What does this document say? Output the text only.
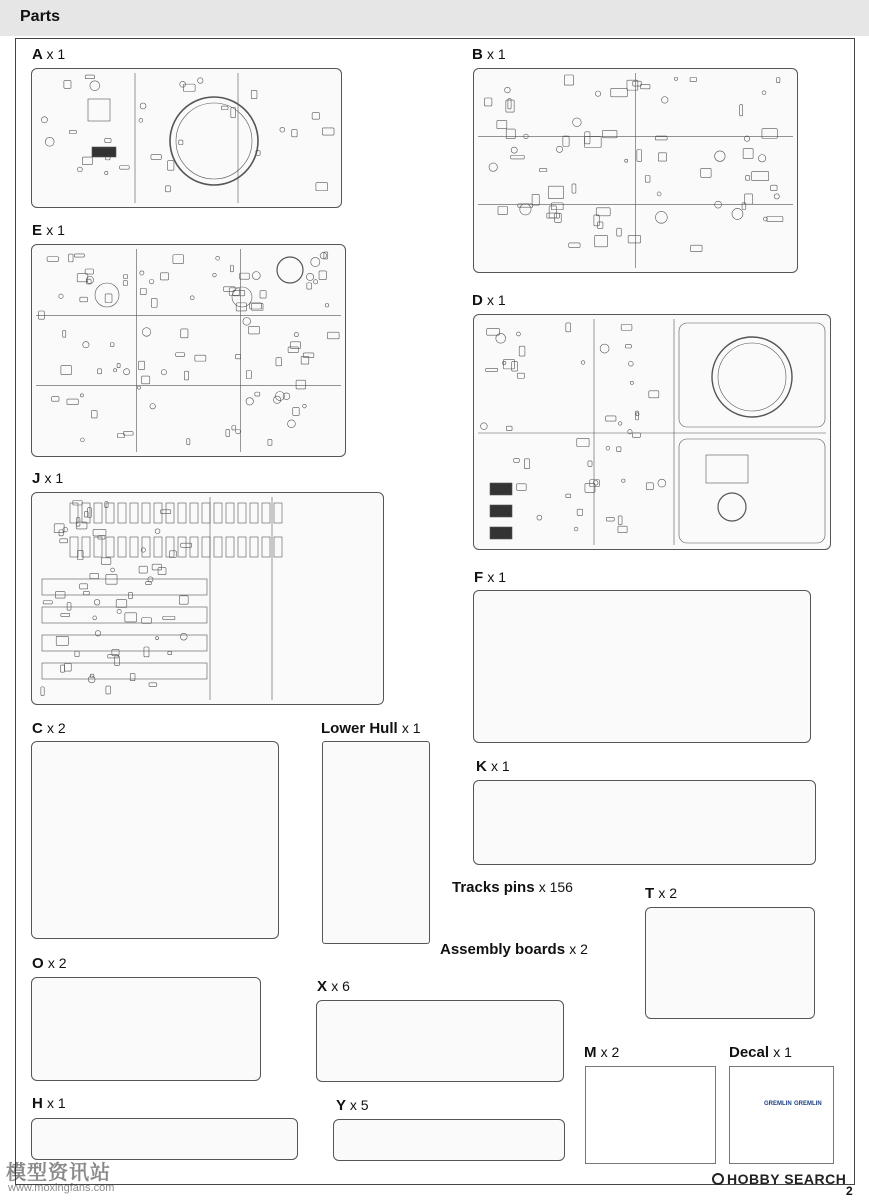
Parts
A x 1	B x 1
E x 1
D x 1
J x 1
F x 1
C x 2	Lower Hull x 1
K x 1
Tracks pins x 156	T x 2
Assembly boards x 2
O x 2
X x 6
M x 2	Decal x 1
H x 1	Y x 5	GREMLIN GREMLIN
模型资讯站
www.moxingfans.com
HOBBY SEARCH
2
